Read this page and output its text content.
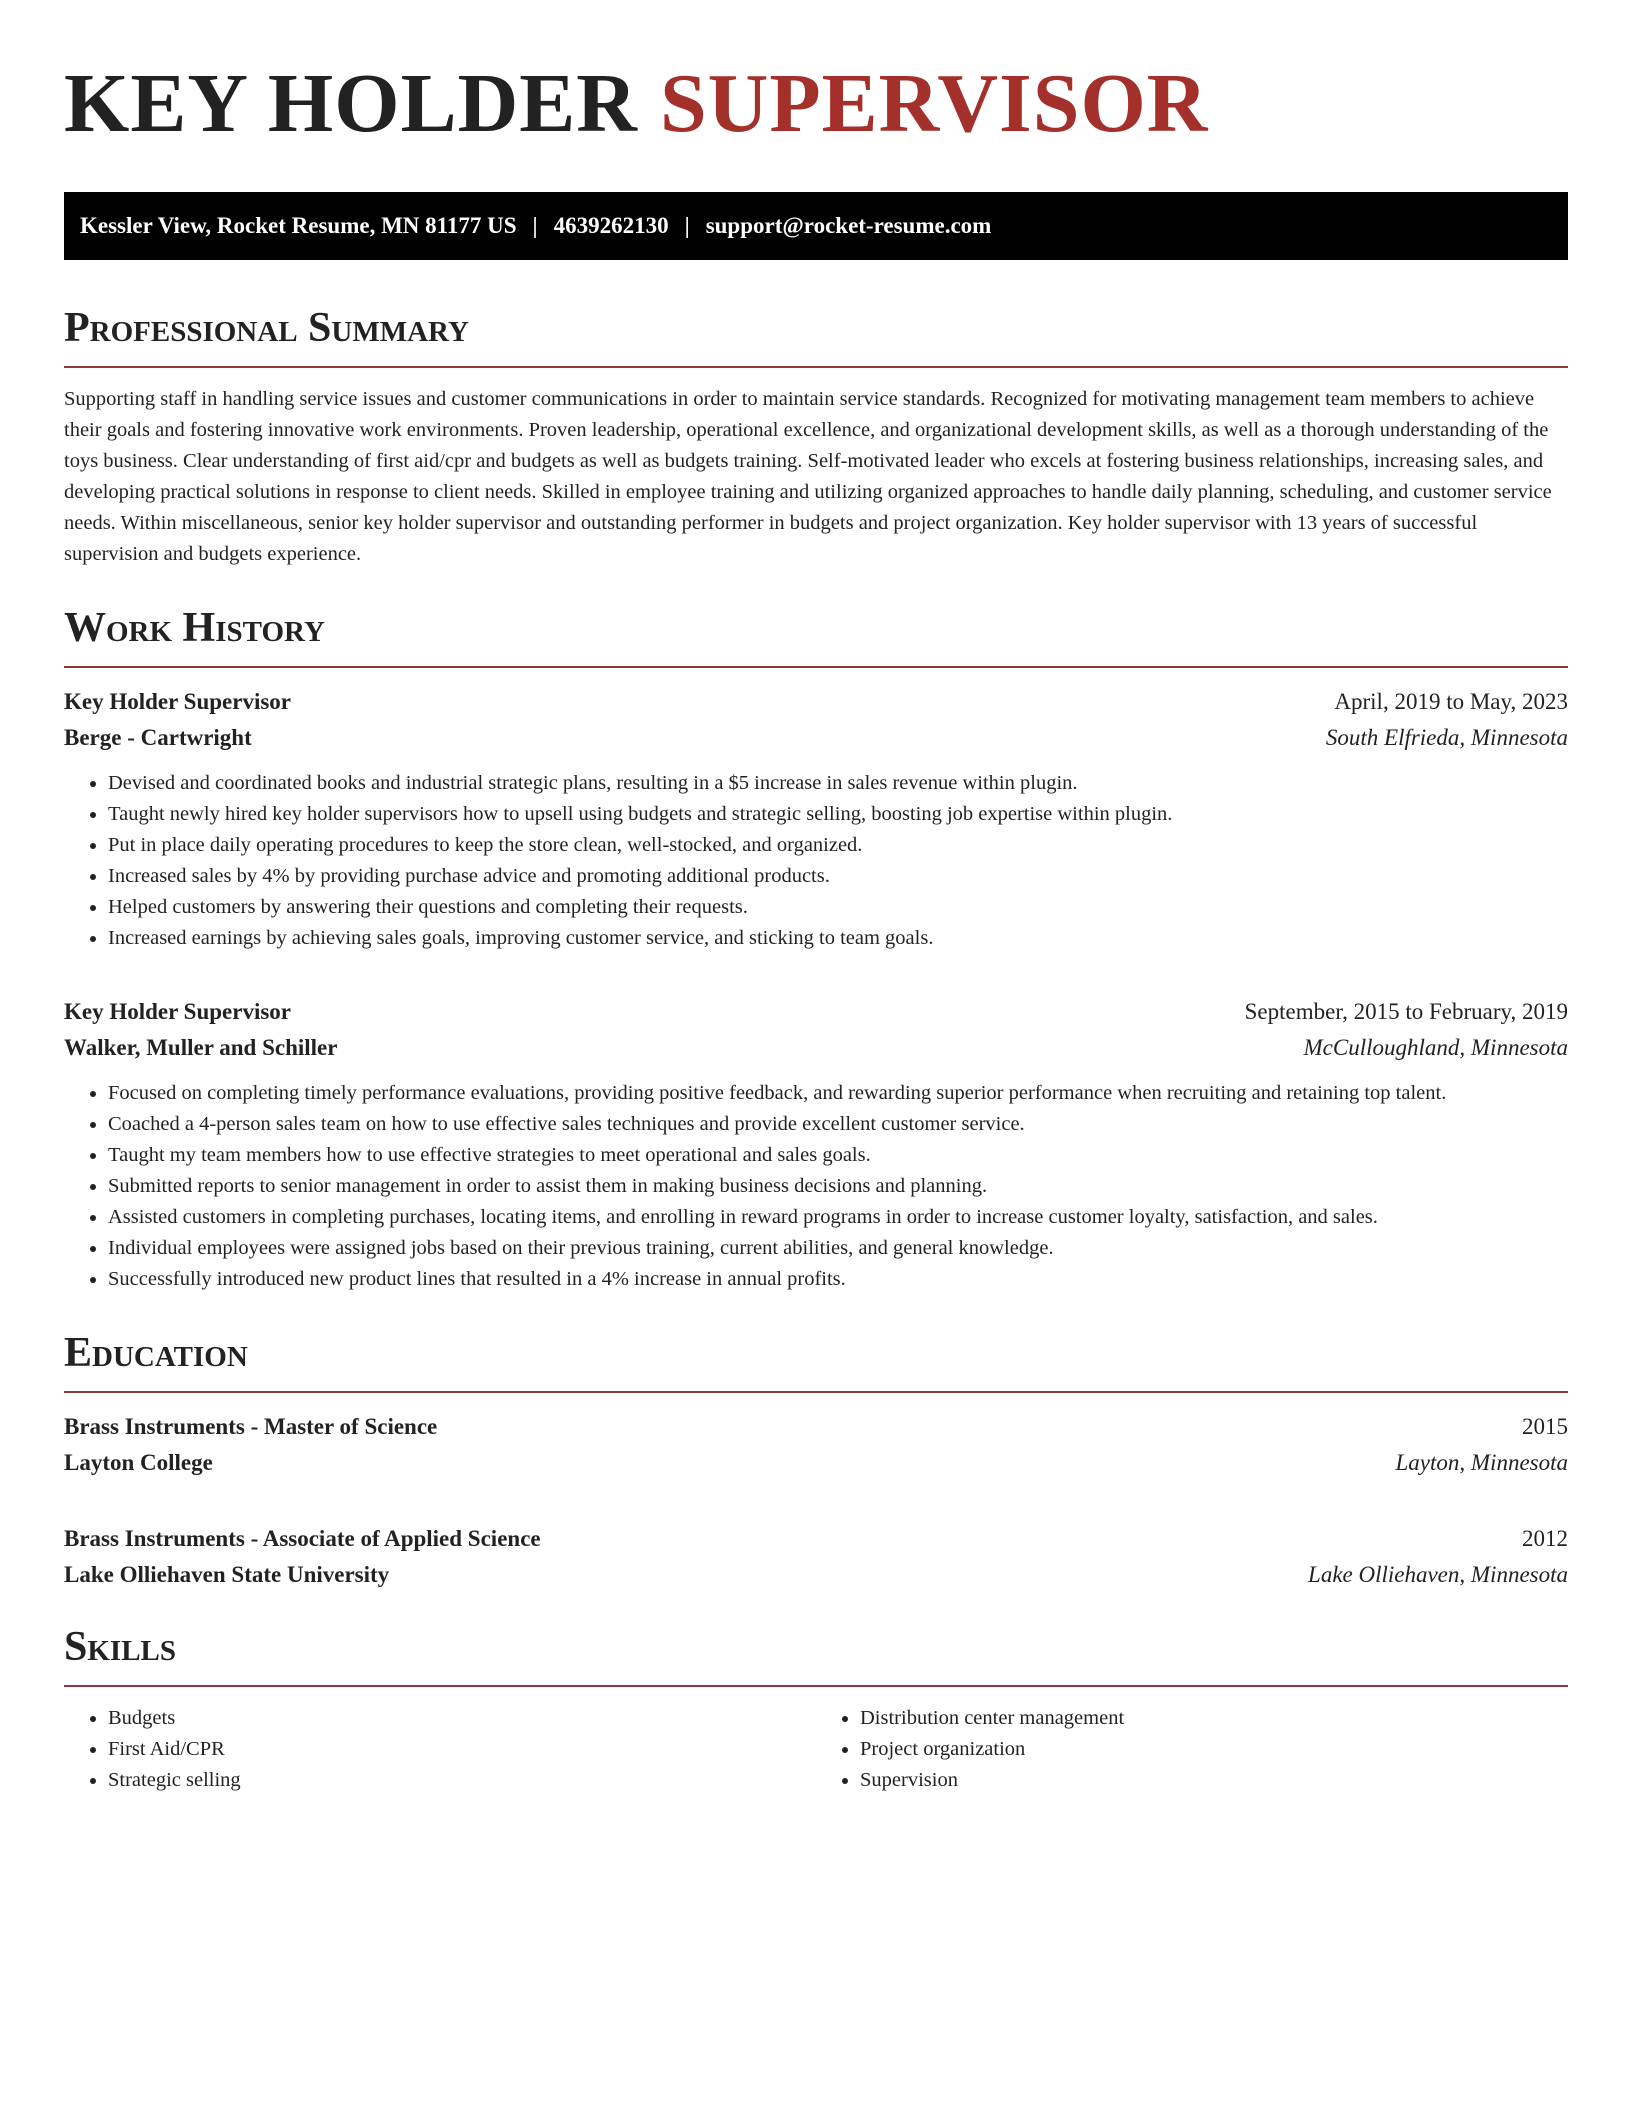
KEY HOLDER SUPERVISOR
Kessler View, Rocket Resume, MN 81177 US | 4639262130 | support@rocket-resume.com
Professional Summary

Supporting staff in handling service issues and customer communications in order to maintain service standards. Recognized for motivating management team members to achieve their goals and fostering innovative work environments. Proven leadership, operational excellence, and organizational development skills, as well as a thorough understanding of the toys business. Clear understanding of first aid/cpr and budgets as well as budgets training. Self-motivated leader who excels at fostering business relationships, increasing sales, and developing practical solutions in response to client needs. Skilled in employee training and utilizing organized approaches to handle daily planning, scheduling, and customer service needs. Within miscellaneous, senior key holder supervisor and outstanding performer in budgets and project organization. Key holder supervisor with 13 years of successful supervision and budgets experience.

Work History
Key Holder Supervisor	April, 2019 to May, 2023
Berge - Cartwright	South Elfrieda, Minnesota
• Devised and coordinated books and industrial strategic plans, resulting in a $5 increase in sales revenue within plugin.
• Taught newly hired key holder supervisors how to upsell using budgets and strategic selling, boosting job expertise within plugin.
• Put in place daily operating procedures to keep the store clean, well-stocked, and organized.
• Increased sales by 4% by providing purchase advice and promoting additional products.
• Helped customers by answering their questions and completing their requests.
• Increased earnings by achieving sales goals, improving customer service, and sticking to team goals.
Key Holder Supervisor	September, 2015 to February, 2019
Walker, Muller and Schiller	McCulloughland, Minnesota
• Focused on completing timely performance evaluations, providing positive feedback, and rewarding superior performance when recruiting and retaining top talent.
• Coached a 4-person sales team on how to use effective sales techniques and provide excellent customer service.
• Taught my team members how to use effective strategies to meet operational and sales goals.
• Submitted reports to senior management in order to assist them in making business decisions and planning.
• Assisted customers in completing purchases, locating items, and enrolling in reward programs in order to increase customer loyalty, satisfaction, and sales.
• Individual employees were assigned jobs based on their previous training, current abilities, and general knowledge.
• Successfully introduced new product lines that resulted in a 4% increase in annual profits.
Education
Brass Instruments - Master of Science	2015
Layton College	Layton, Minnesota
Brass Instruments - Associate of Applied Science	2012
Lake Olliehaven State University	Lake Olliehaven, Minnesota
Skills
• Budgets
• First Aid/CPR
• Strategic selling
• Distribution center management
• Project organization
• Supervision
